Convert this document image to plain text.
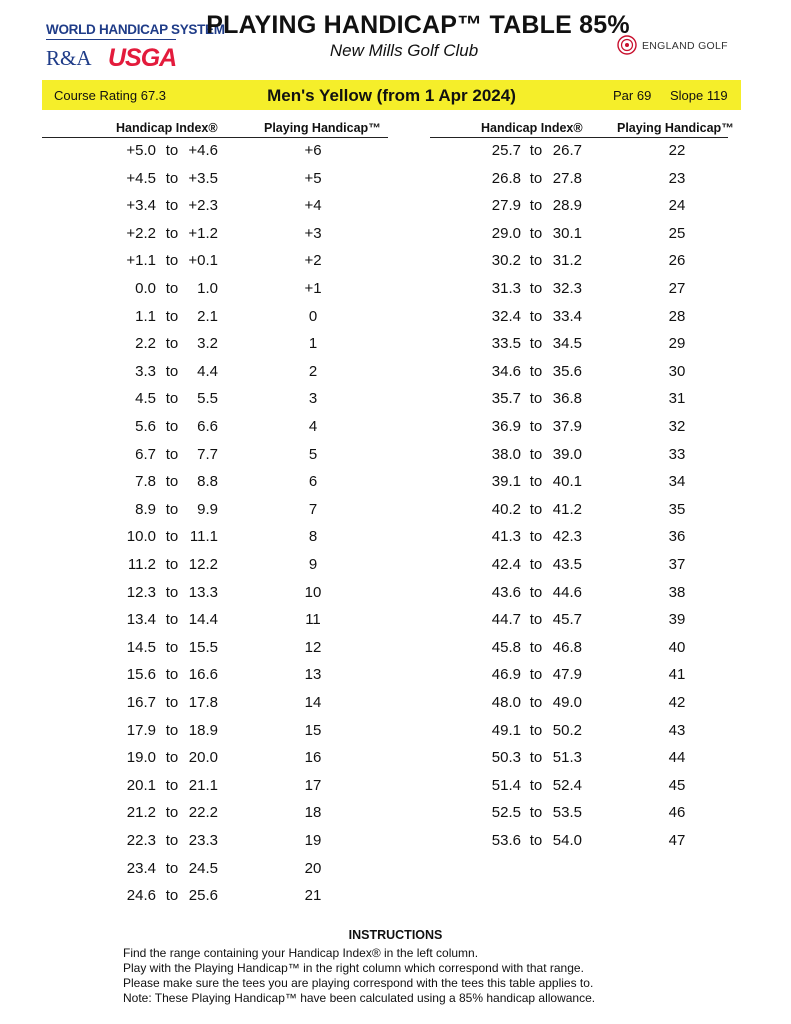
WORLD HANDICAP SYSTEM
R&A USGA
PLAYING HANDICAP™ TABLE 85%
New Mills Golf Club	ENGLAND GOLF
Course Rating 67.3	Men's Yellow (from 1 Apr 2024)	Par 69 Slope 119
Handicap Index®	Playing Handicap™	Handicap Index®	Playing Handicap™
+5.0 to +4.6	+6
+4.5 to +3.5	+5
+3.4 to +2.3	+4
+2.2 to +1.2	+3
+1.1 to +0.1	+2
0.0 to	1.0	+1
1.1 to	2.1	0
2.2 to	3.2	1
3.3 to	4.4	2
4.5 to	5.5	3
5.6 to	6.6	4
6.7 to	7.7	5
7.8 to	8.8	6
8.9 to	9.9	7
10.0 to 11.1	8
11.2 to 12.2	9
12.3 to 13.3	10
13.4 to 14.4	11
14.5 to 15.5	12
15.6 to 16.6	13
16.7 to 17.8	14
17.9 to 18.9	15
19.0 to 20.0	16
20.1 to 21.1	17
21.2 to 22.2	18
22.3 to 23.3	19
23.4 to 24.5	20
24.6 to 25.6	21
25.7 to 26.7	22
26.8 to 27.8	23
27.9 to 28.9	24
29.0 to 30.1	25
30.2 to 31.2	26
31.3 to 32.3	27
32.4 to 33.4	28
33.5 to 34.5	29
34.6 to 35.6	30
35.7 to 36.8	31
36.9 to 37.9	32
38.0 to 39.0	33
39.1 to 40.1	34
40.2 to 41.2	35
41.3 to 42.3	36
42.4 to 43.5	37
43.6 to 44.6	38
44.7 to 45.7	39
45.8 to 46.8	40
46.9 to 47.9	41
48.0 to 49.0	42
49.1 to 50.2	43
50.3 to 51.3	44
51.4 to 52.4	45
52.5 to 53.5	46
53.6 to 54.0	47
INSTRUCTIONS
Find the range containing your Handicap Index® in the left column.
Play with the Playing Handicap™ in the right column which correspond with that range.
Please make sure the tees you are playing correspond with the tees this table applies to.
Note: These Playing Handicap™ have been calculated using a 85% handicap allowance.
